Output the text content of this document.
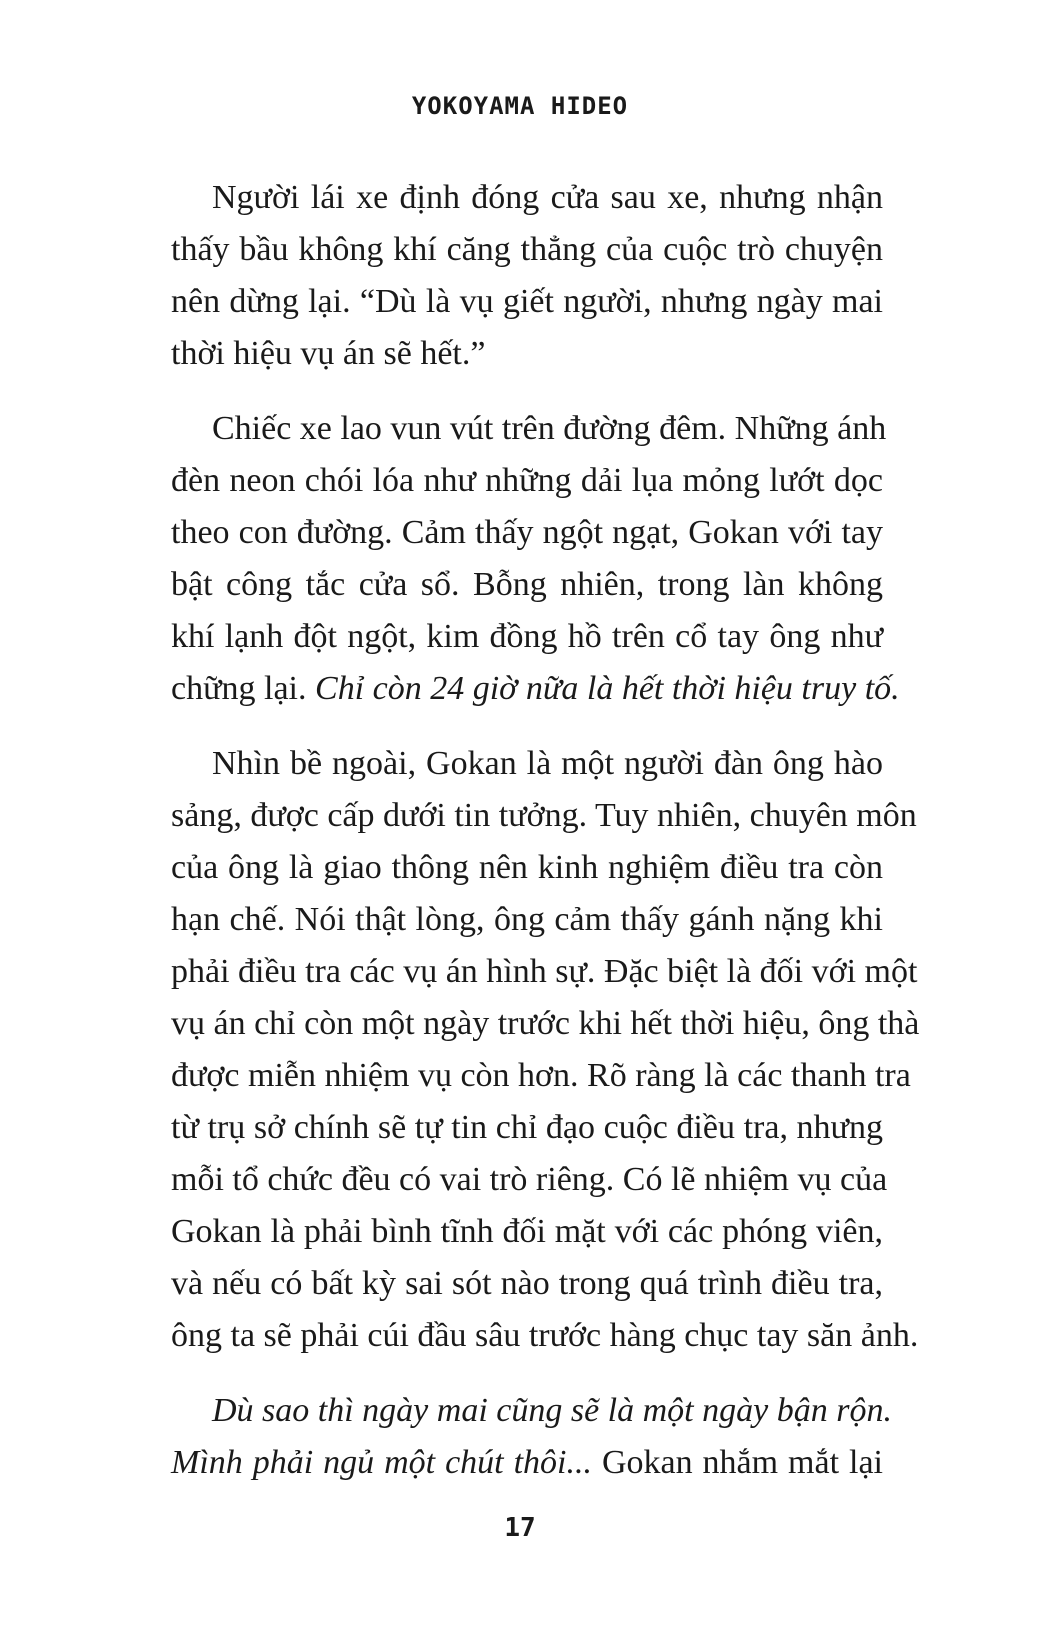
YOKOYAMA HIDEO
Người lái xe định đóng cửa sau xe, nhưng nhận
thấy bầu không khí căng thẳng của cuộc trò chuyện
nên dừng lại. “Dù là vụ giết người, nhưng ngày mai
thời hiệu vụ án sẽ hết.”
Chiếc xe lao vun vút trên đường đêm. Những ánh
đèn neon chói lóa như những dải lụa mỏng lướt dọc
theo con đường. Cảm thấy ngột ngạt, Gokan với tay
bật công tắc cửa sổ. Bỗng nhiên, trong làn không
khí lạnh đột ngột, kim đồng hồ trên cổ tay ông như
chững lại. Chỉ còn 24 giờ nữa là hết thời hiệu truy tố.
Nhìn bề ngoài, Gokan là một người đàn ông hào
sảng, được cấp dưới tin tưởng. Tuy nhiên, chuyên môn
của ông là giao thông nên kinh nghiệm điều tra còn
hạn chế. Nói thật lòng, ông cảm thấy gánh nặng khi
phải điều tra các vụ án hình sự. Đặc biệt là đối với một
vụ án chỉ còn một ngày trước khi hết thời hiệu, ông thà
được miễn nhiệm vụ còn hơn. Rõ ràng là các thanh tra
từ trụ sở chính sẽ tự tin chỉ đạo cuộc điều tra, nhưng
mỗi tổ chức đều có vai trò riêng. Có lẽ nhiệm vụ của
Gokan là phải bình tĩnh đối mặt với các phóng viên,
và nếu có bất kỳ sai sót nào trong quá trình điều tra,
ông ta sẽ phải cúi đầu sâu trước hàng chục tay săn ảnh.
Dù sao thì ngày mai cũng sẽ là một ngày bận rộn.
Mình phải ngủ một chút thôi... Gokan nhắm mắt lại
17
